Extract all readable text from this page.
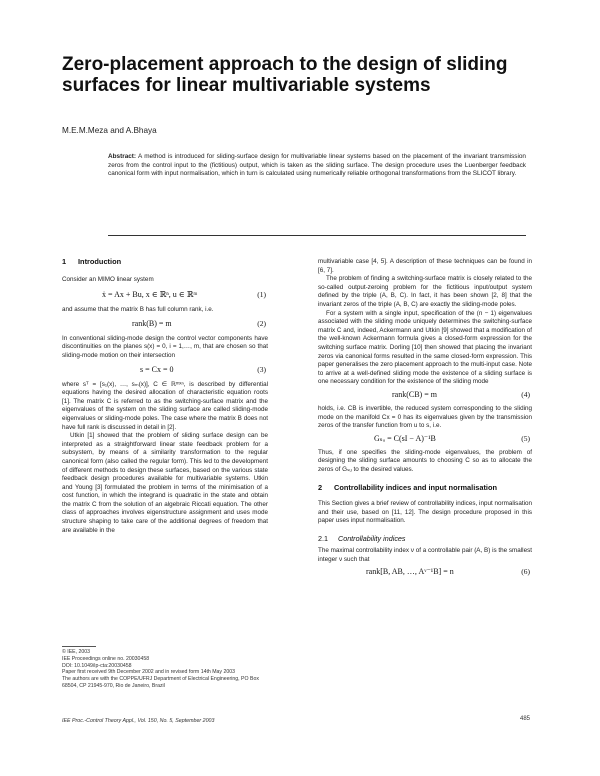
Zero-placement approach to the design of sliding surfaces for linear multivariable systems
M.E.M.Meza and A.Bhaya
Abstract: A method is introduced for sliding-surface design for multivariable linear systems based on the placement of the invariant transmission zeros from the control input to the (fictitious) output, which is taken as the sliding surface. The design procedure uses the Luenberger feedback canonical form with input normalisation, which in turn is calculated using numerically reliable orthogonal transformations from the SLICOT library.
1 Introduction

Consider an MIMO linear system

ẋ = Ax + Bu, x ∈ ℝⁿ, u ∈ ℝᵐ	(1)

and assume that the matrix B has full column rank, i.e.

rank(B) = m	(2)

In conventional sliding-mode design the control vector components have discontinuities on the planes s(x) = 0, i = 1,…, m, that are chosen so that sliding-mode motion on their intersection

s = Cx = 0	(3)

where sᵀ = [s₁(x), …, sₘ(x)], C ∈ ℝᵐˣⁿ, is described by differential equations having the desired allocation of characteristic equation roots [1]. The matrix C is referred to as the switching-surface matrix and the eigenvalues of the system on the sliding surface are called sliding-mode eigenvalues or sliding-mode poles. The case where the matrix B does not have full rank is discussed in detail in [2].

Utkin [1] showed that the problem of sliding surface design can be interpreted as a straightforward linear state feedback problem for a subsystem, by means of a similarity transformation to the regular canonical form (also called the regular form). This led to the development of different methods to design these surfaces, based on the various state feedback design procedures available for multivariable systems. Utkin and Young [3] formulated the problem in terms of the minimisation of a cost function, in which the integrand is quadratic in the state and obtain the matrix C from the solution of an algebraic Riccati equation. The other class of approaches involves eigenstructure assignment and uses mode structure shaping to take care of the additional degrees of freedom that are available in the

© IEE, 2003
IEE Proceedings online no. 20030458
DOI: 10.1049/ip-cta:20030458
Paper first received 9th December 2002 and in revised form 14th May 2003
The authors are with the COPPE/UFRJ Department of Electrical Engineering, PO Box 68504, CP 21945-970, Rio de Janeiro, Brazil
IEE Proc.-Control Theory Appl., Vol. 150, No. 5, September 2003

multivariable case [4, 5]. A description of these techniques can be found in [6, 7].

The problem of finding a switching-surface matrix is closely related to the so-called output-zeroing problem for the fictitious input/output system defined by the triple (A, B, C). In fact, it has been shown [2, 8] that the invariant zeros of the triple (A, B, C) are exactly the sliding-mode poles.

For a system with a single input, specification of the (n − 1) eigenvalues associated with the sliding mode uniquely determines the switching-surface matrix C and, indeed, Ackermann and Utkin [9] showed that a modification of the well-known Ackermann formula gives a closed-form expression for the switching surface matrix. Dorling [10] then showed that placing the invariant zeros via canonical forms resulted in the same closed-form expression. This paper generalises the zero placement approach to the multi-input case. Note to arrive at a well-defined sliding mode the existence of a sliding surface is one necessary condition for the existence of the sliding mode

rank(CB) = m	(4)

holds, i.e. CB is invertible, the reduced system corresponding to the sliding mode on the manifold Cx = 0 has its eigenvalues given by the transmission zeros of the transfer function from u to s, i.e.

Gₛᵤ = C(sI − A)⁻¹B	(5)

Thus, if one specifies the sliding-mode eigenvalues, the problem of designing the sliding surface amounts to choosing C so as to allocate the zeros of Gₛᵤ to the desired values.

2 Controllability indices and input normalisation

This Section gives a brief review of controllability indices, input normalisation and their use, based on [11, 12]. The design procedure proposed in this paper uses input normalisation.

2.1 Controllability indices

The maximal controllability index ν of a controllable pair (A, B) is the smallest integer ν such that

rank[B, AB, …, Aᵛ⁻¹B] = n	(6)
485
